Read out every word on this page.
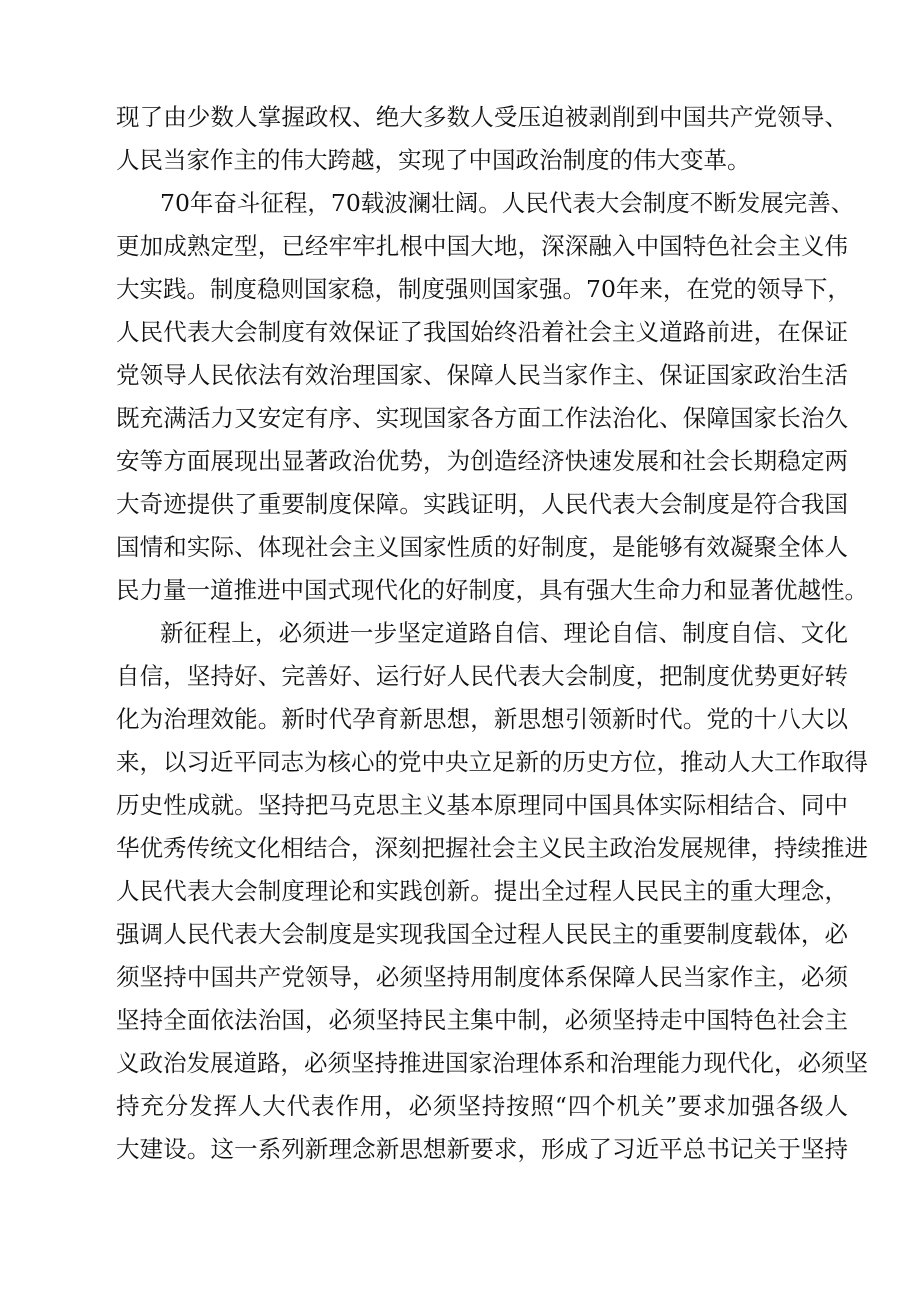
现了由少数人掌握政权、绝大多数人受压迫被剥削到中国共产党领导、
人民当家作主的伟大跨越，实现了中国政治制度的伟大变革。
70年奋斗征程，70载波澜壮阔。人民代表大会制度不断发展完善、
更加成熟定型，已经牢牢扎根中国大地，深深融入中国特色社会主义伟
大实践。制度稳则国家稳，制度强则国家强。70年来，在党的领导下，
人民代表大会制度有效保证了我国始终沿着社会主义道路前进，在保证
党领导人民依法有效治理国家、保障人民当家作主、保证国家政治生活
既充满活力又安定有序、实现国家各方面工作法治化、保障国家长治久
安等方面展现出显著政治优势，为创造经济快速发展和社会长期稳定两
大奇迹提供了重要制度保障。实践证明，人民代表大会制度是符合我国
国情和实际、体现社会主义国家性质的好制度，是能够有效凝聚全体人
民力量一道推进中国式现代化的好制度，具有强大生命力和显著优越性。
新征程上，必须进一步坚定道路自信、理论自信、制度自信、文化
自信，坚持好、完善好、运行好人民代表大会制度，把制度优势更好转
化为治理效能。新时代孕育新思想，新思想引领新时代。党的十八大以
来，以习近平同志为核心的党中央立足新的历史方位，推动人大工作取得
历史性成就。坚持把马克思主义基本原理同中国具体实际相结合、同中
华优秀传统文化相结合，深刻把握社会主义民主政治发展规律，持续推进
人民代表大会制度理论和实践创新。提出全过程人民民主的重大理念，
强调人民代表大会制度是实现我国全过程人民民主的重要制度载体，必
须坚持中国共产党领导，必须坚持用制度体系保障人民当家作主，必须
坚持全面依法治国，必须坚持民主集中制，必须坚持走中国特色社会主
义政治发展道路，必须坚持推进国家治理体系和治理能力现代化，必须坚
持充分发挥人大代表作用，必须坚持按照“四个机关”要求加强各级人
大建设。这一系列新理念新思想新要求，形成了习近平总书记关于坚持
